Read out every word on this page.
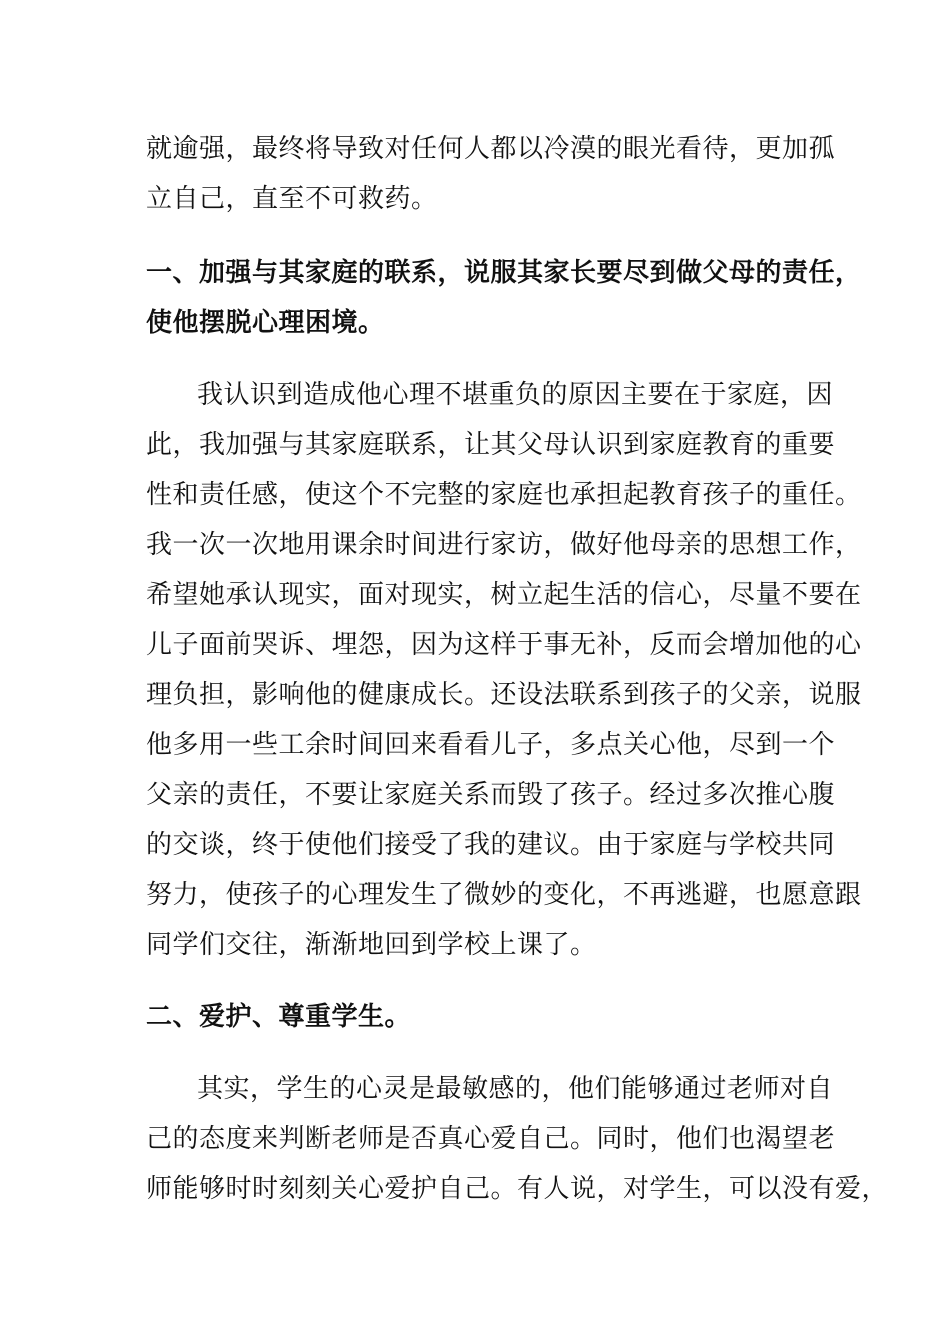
就逾强，最终将导致对任何人都以冷漠的眼光看待，更加孤
立自己，直至不可救药。
一、加强与其家庭的联系，说服其家长要尽到做父母的责任，
使他摆脱心理困境。
我认识到造成他心理不堪重负的原因主要在于家庭，因
此，我加强与其家庭联系，让其父母认识到家庭教育的重要
性和责任感，使这个不完整的家庭也承担起教育孩子的重任。
我一次一次地用课余时间进行家访，做好他母亲的思想工作，
希望她承认现实，面对现实，树立起生活的信心，尽量不要在
儿子面前哭诉、埋怨，因为这样于事无补，反而会增加他的心
理负担，影响他的健康成长。还设法联系到孩子的父亲，说服
他多用一些工余时间回来看看儿子，多点关心他，尽到一个
父亲的责任，不要让家庭关系而毁了孩子。经过多次推心腹
的交谈，终于使他们接受了我的建议。由于家庭与学校共同
努力，使孩子的心理发生了微妙的变化，不再逃避，也愿意跟
同学们交往，渐渐地回到学校上课了。
二、爱护、尊重学生。
其实，学生的心灵是最敏感的，他们能够通过老师对自
己的态度来判断老师是否真心爱自己。同时，他们也渴望老
师能够时时刻刻关心爱护自己。有人说，对学生，可以没有爱，
